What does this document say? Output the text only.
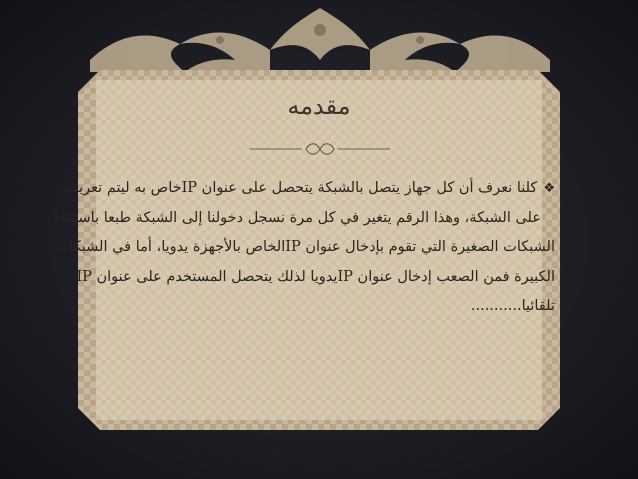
مقدمه
❖كلنا نعرف أن كل جهاز يتصل بالشبكة يتحصل على عنوان IPخاص به ليتم تعريفه
على الشبكة، وهذا الرقم يتغير في كل مرة نسجل دخولنا إلى الشبكة طبعا باستثناء
الشبكات الصغيرة التي تقوم بإدخال عنوان IPالخاص بالأجهزة يدويا، أما في الشبكات
الكبيرة فمن الصعب إدخال عنوان IPيدويا لذلك يتحصل المستخدم على عنوان IP
تلقائيا...........
